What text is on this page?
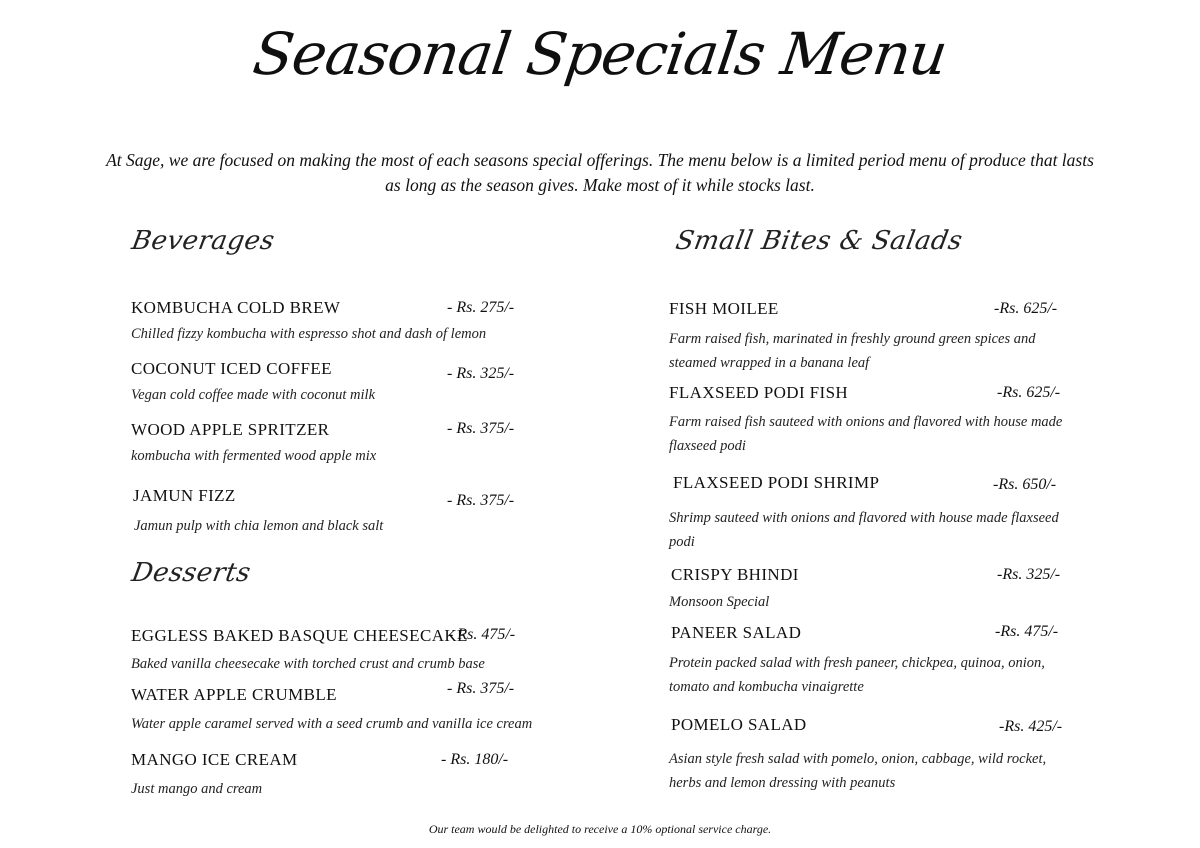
Seasonal Specials Menu
At Sage, we are focused on making the most of each seasons special offerings. The menu below is a limited period menu of produce that lasts as long as the season gives. Make most of it while stocks last.
Beverages
KOMBUCHA COLD BREW	- Rs. 275/-
Chilled fizzy kombucha with espresso shot and dash of lemon
COCONUT ICED COFFEE	- Rs. 325/-
Vegan cold coffee made with coconut milk
WOOD APPLE SPRITZER	- Rs. 375/-
kombucha with fermented wood apple mix
JAMUN FIZZ	- Rs. 375/-
Jamun pulp with chia lemon and black salt
Desserts
EGGLESS BAKED BASQUE CHEESECAKE
- Rs. 475/-
Baked vanilla cheesecake with torched crust and crumb base
WATER APPLE CRUMBLE	- Rs. 375/-
Water apple caramel served with a seed crumb and vanilla ice cream
MANGO ICE CREAM	- Rs. 180/-
Just mango and cream
Small Bites & Salads
FISH MOILEE	-Rs. 625/-
Farm raised fish, marinated in freshly ground green spices and steamed wrapped in a banana leaf
FLAXSEED PODI FISH	-Rs. 625/-
Farm raised fish sauteed with onions and flavored with house made flaxseed podi
FLAXSEED PODI SHRIMP	-Rs. 650/-
Shrimp sauteed with onions and flavored with house made flaxseed podi
CRISPY BHINDI	-Rs. 325/-
Monsoon Special
PANEER SALAD	-Rs. 475/-
Protein packed salad with fresh paneer, chickpea, quinoa, onion, tomato and kombucha vinaigrette
POMELO SALAD	-Rs. 425/-
Asian style fresh salad with pomelo, onion, cabbage, wild rocket, herbs and lemon dressing with peanuts
Our team would be delighted to receive a 10% optional service charge.
